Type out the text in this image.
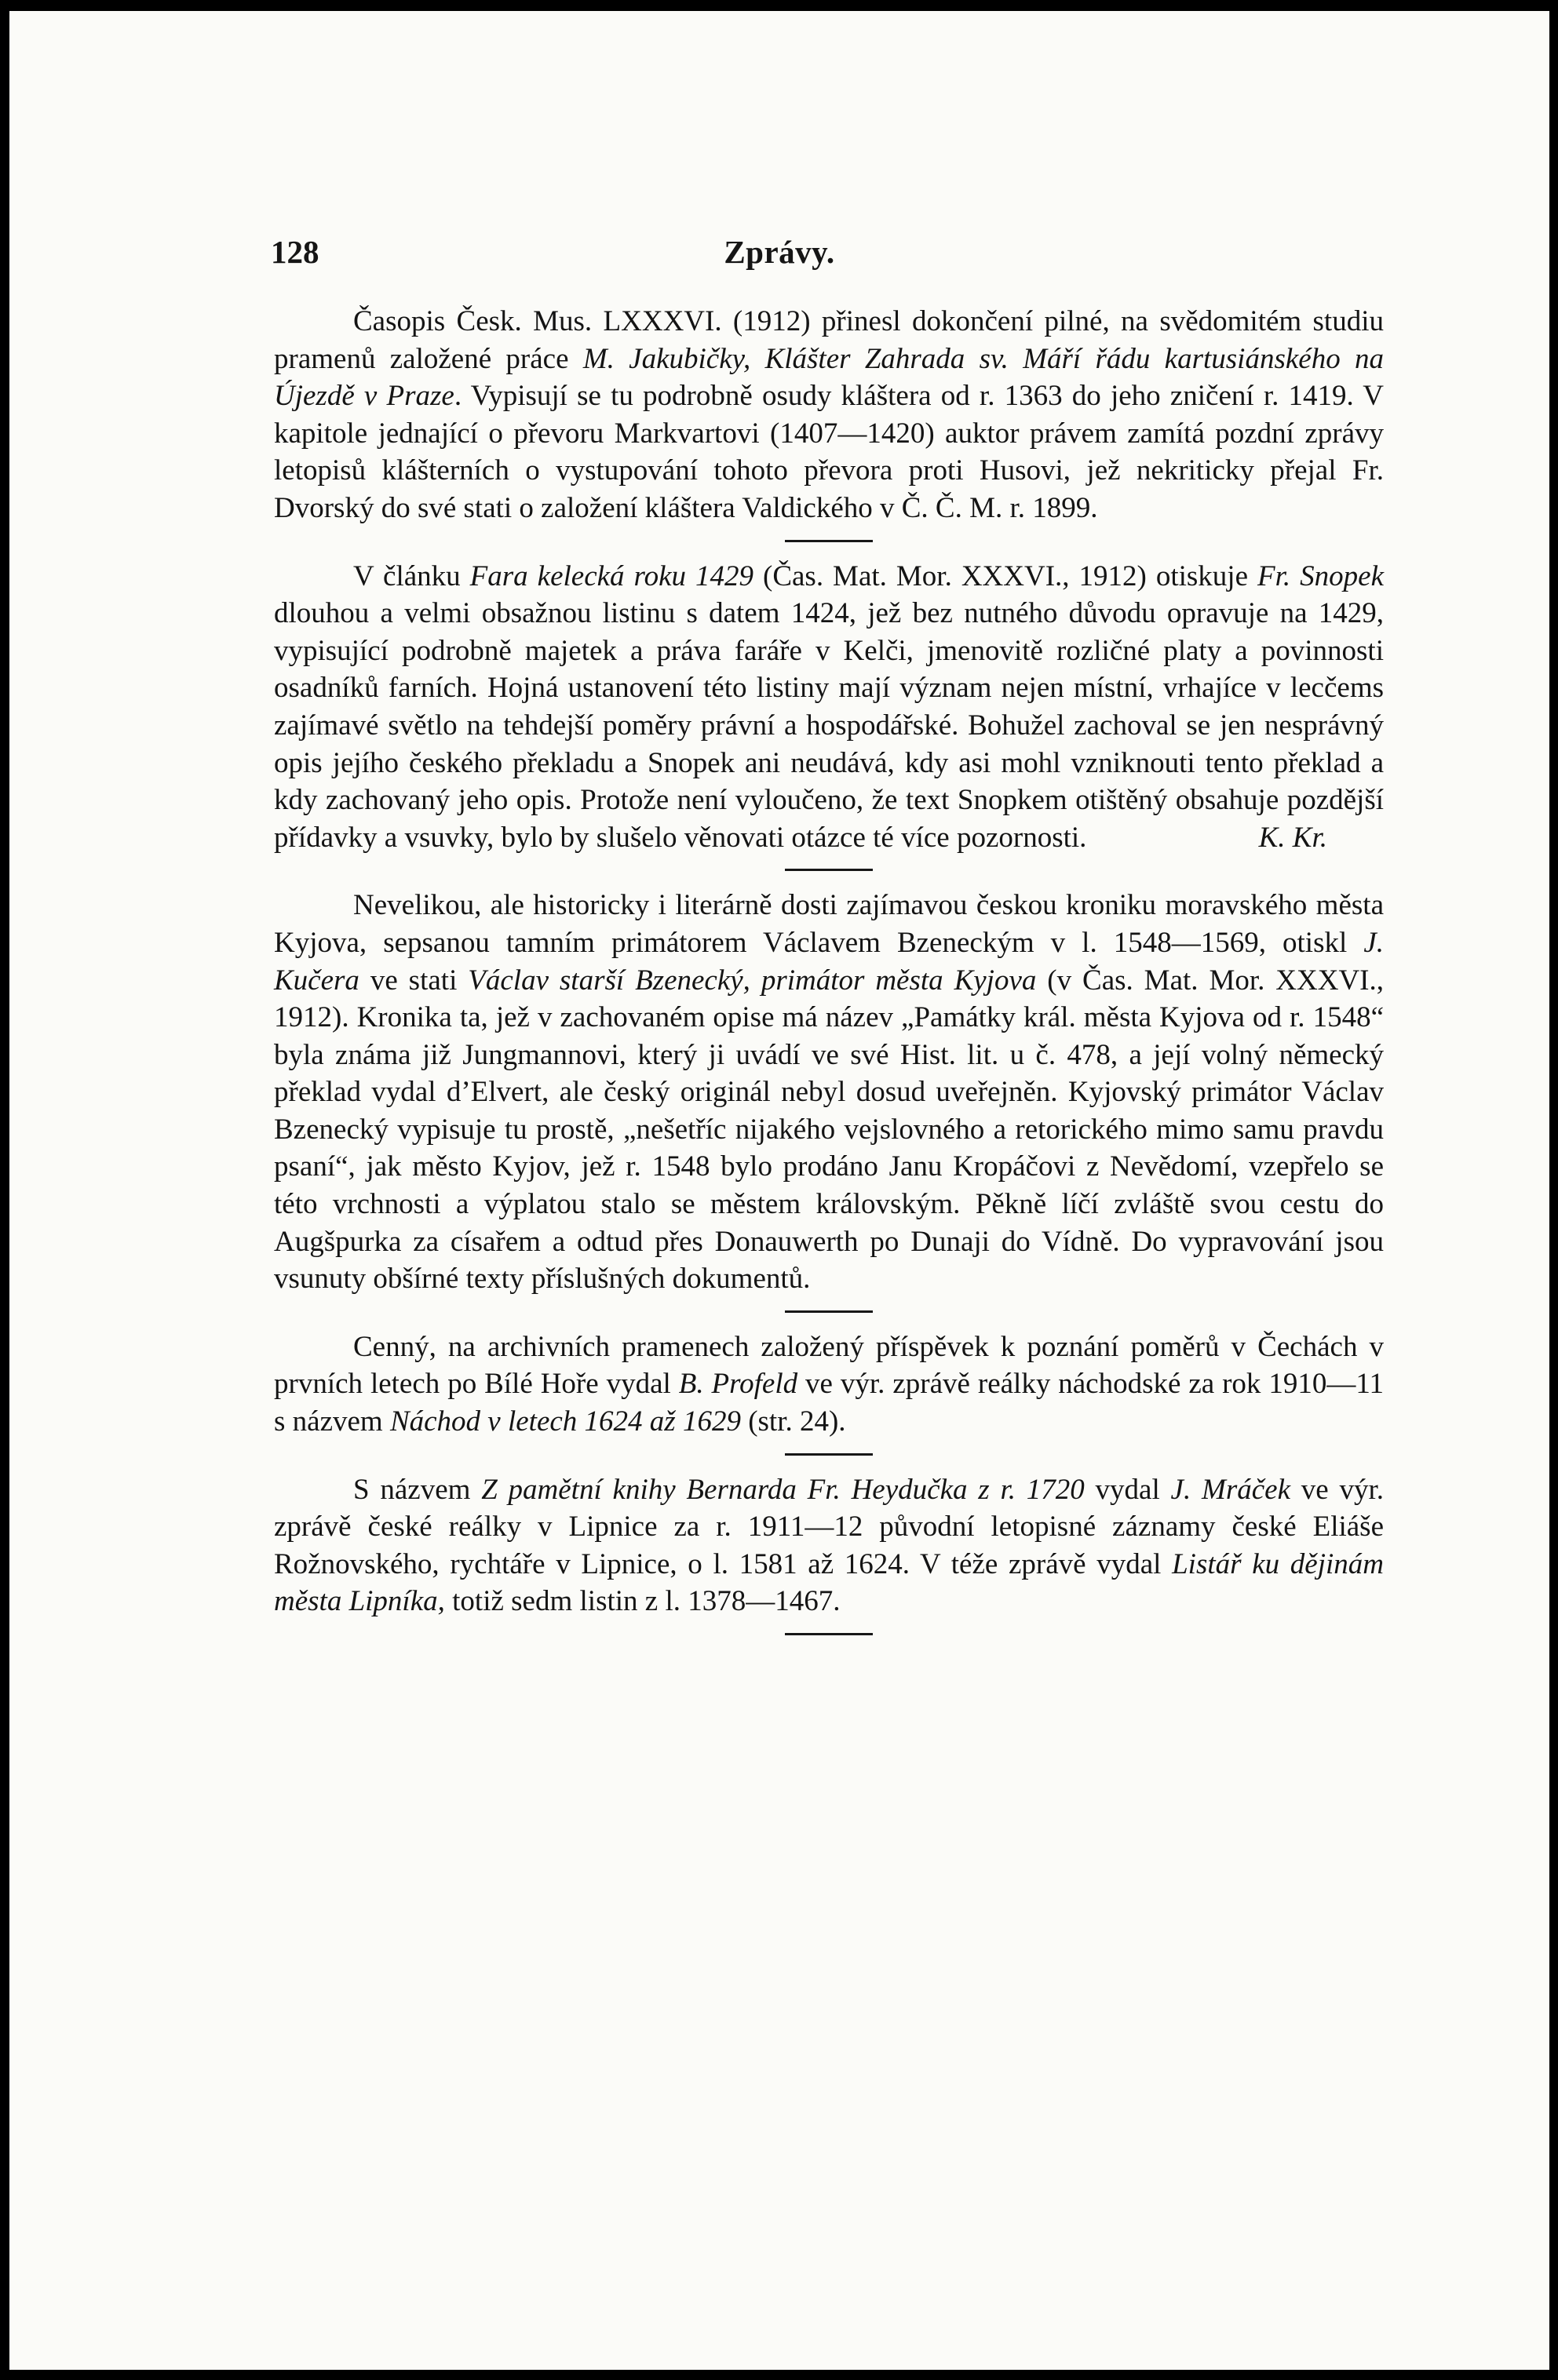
128	Zprávy.

Časopis Česk. Mus. LXXXVI. (1912) přinesl dokončení pilné, na svědomitém studiu pramenů založené práce M. Jakubičky, Klášter Zahrada sv. Máří řádu kartusiánského na Újezdě v Praze. Vypisují se tu podrobně osudy kláštera od r. 1363 do jeho zničení r. 1419. V kapitole jednající o převoru Markvartovi (1407—1420) auktor právem zamítá pozdní zprávy letopisů klášterních o vystupování tohoto převora proti Husovi, jež nekriticky přejal Fr. Dvorský do své stati o založení kláštera Valdického v Č. Č. M. r. 1899.

V článku Fara kelecká roku 1429 (Čas. Mat. Mor. XXXVI., 1912) otiskuje Fr. Snopek dlouhou a velmi obsažnou listinu s datem 1424, jež bez nutného důvodu opravuje na 1429, vypisující podrobně majetek a práva faráře v Kelči, jmenovitě rozličné platy a povinnosti osadníků farních. Hojná ustanovení této listiny mají význam nejen místní, vrhajíce v lecčems zajímavé světlo na tehdejší poměry právní a hospodářské. Bohužel zachoval se jen nesprávný opis jejího českého překladu a Snopek ani neudává, kdy asi mohl vzniknouti tento překlad a kdy zachovaný jeho opis. Protože není vyloučeno, že text Snopkem otištěný obsahuje pozdější přídavky a vsuvky, bylo by slušelo věnovati otázce té více pozornosti.	K. Kr.

Nevelikou, ale historicky i literárně dosti zajímavou českou kroniku moravského města Kyjova, sepsanou tamním primátorem Václavem Bzeneckým v l. 1548—1569, otiskl J. Kučera ve stati Václav starší Bzenecký, primátor města Kyjova (v Čas. Mat. Mor. XXXVI., 1912). Kronika ta, jež v zachovaném opise má název „Památky král. města Kyjova od r. 1548“ byla známa již Jungmannovi, který ji uvádí ve své Hist. lit. u č. 478, a její volný německý překlad vydal d’Elvert, ale český originál nebyl dosud uveřejněn. Kyjovský primátor Václav Bzenecký vypisuje tu prostě, „nešetříc nijakého vejslovného a retorického mimo samu pravdu psaní“, jak město Kyjov, jež r. 1548 bylo prodáno Janu Kropáčovi z Nevědomí, vzepřelo se této vrchnosti a výplatou stalo se městem královským. Pěkně líčí zvláště svou cestu do Augšpurka za císařem a odtud přes Donauwerth po Dunaji do Vídně. Do vypravování jsou vsunuty obšírné texty příslušných dokumentů.

Cenný, na archivních pramenech založený příspěvek k poznání poměrů v Čechách v prvních letech po Bílé Hoře vydal B. Profeld ve výr. zprávě reálky náchodské za rok 1910—11 s názvem Náchod v letech 1624 až 1629 (str. 24).

S názvem Z pamětní knihy Bernarda Fr. Heydučka z r. 1720 vydal J. Mráček ve výr. zprávě české reálky v Lipnice za r. 1911—12 původní letopisné záznamy české Eliáše Rožnovského, rychtáře v Lipnice, o l. 1581 až 1624. V téže zprávě vydal Listář ku dějinám města Lipníka, totiž sedm listin z l. 1378—1467.
